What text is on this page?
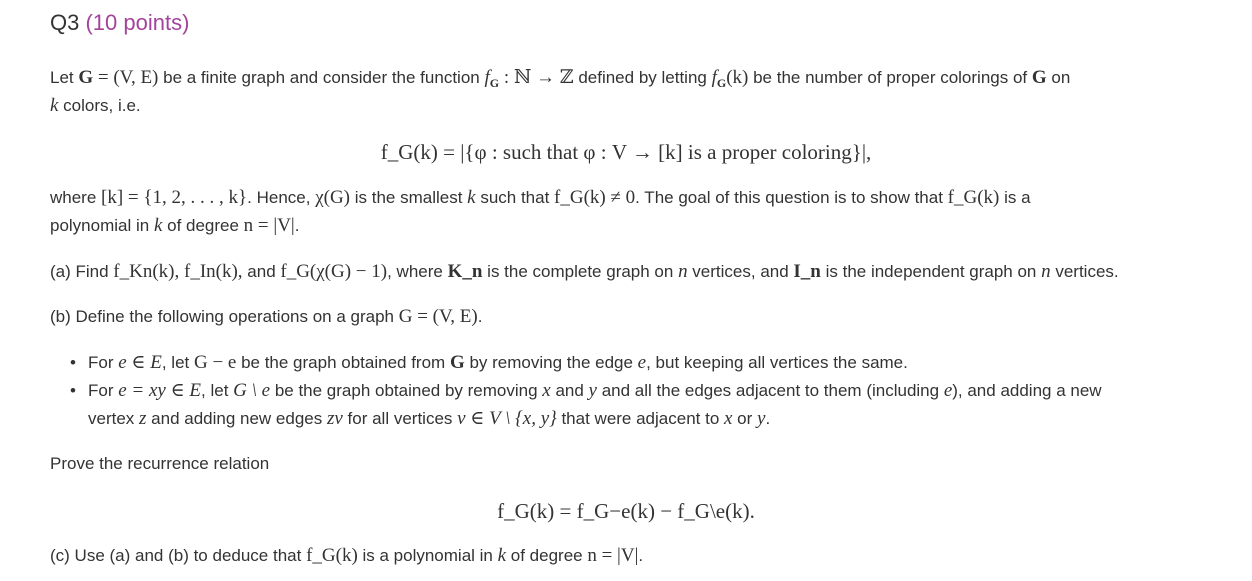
Q3 (10 points)
Let G = (V, E) be a finite graph and consider the function $f_G$ : ℕ → ℤ defined by letting $f_G(k)$ be the number of proper colorings of G on
k colors, i.e.
f_G(k) = |{φ : such that φ : V → [k] is a proper coloring}|,
where [k] = {1, 2, . . . , k}. Hence, χ(G) is the smallest k such that f_G(k) ≠ 0. The goal of this question is to show that f_G(k) is a
polynomial in k of degree n = |V|.
(a) Find f_Kn(k), f_In(k), and f_G(χ(G) − 1), where K_n is the complete graph on n vertices, and I_n is the independent graph on n vertices.
(b) Define the following operations on a graph G = (V, E).
• For e ∈ E, let G − e be the graph obtained from G by removing the edge e, but keeping all vertices the same.
• For e = xy ∈ E, let G \ e be the graph obtained by removing x and y and all the edges adjacent to them (including e), and adding a new
vertex z and adding new edges zv for all vertices v ∈ V \ {x, y} that were adjacent to x or y.
Prove the recurrence relation
f_G(k) = f_G−e(k) − f_G\e(k).
(c) Use (a) and (b) to deduce that f_G(k) is a polynomial in k of degree n = |V|.
